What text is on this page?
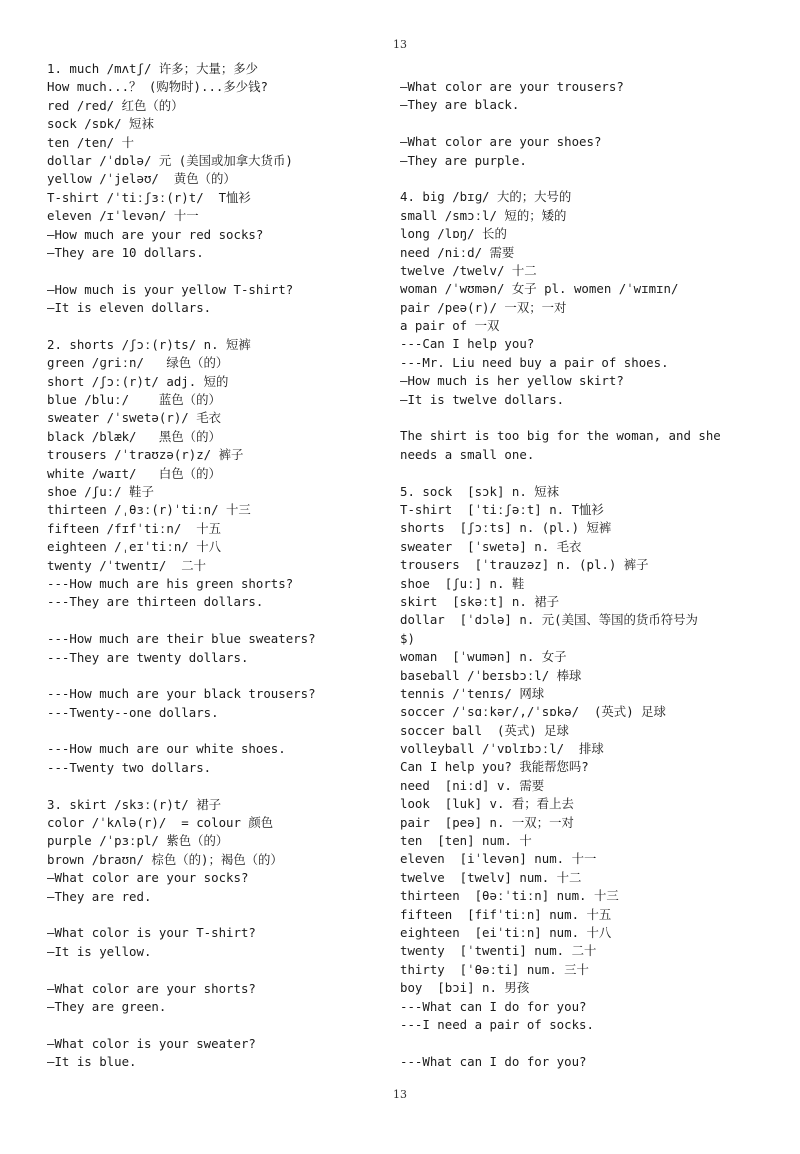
13
1. much /mʌtʃ/ 许多；大量；多少
How much...？ (购物时)...多少钱?
red /red/ 红色（的）
sock /sɒk/ 短袜
ten /ten/ 十
dollar /ˈdɒlə/ 元 (美国或加拿大货币)
yellow /ˈjeləʊ/  黄色（的）
T-shirt /ˈtiːʃɜː(r)t/  T恤衫
eleven /ɪˈlevən/ 十一
—How much are your red socks?
—They are 10 dollars.
—How much is your yellow T-shirt?
—It is eleven dollars.
2. shorts /ʃɔː(r)ts/ n. 短裤
green /ɡriːn/   绿色（的）
short /ʃɔː(r)t/ adj. 短的
blue /bluː/    蓝色（的）
sweater /ˈswetə(r)/ 毛衣
black /blæk/   黑色（的）
trousers /ˈtraʊzə(r)z/ 裤子
white /waɪt/   白色（的）
shoe /ʃuː/ 鞋子
thirteen /ˌθɜː(r)ˈtiːn/ 十三
fifteen /fɪfˈtiːn/  十五
eighteen /ˌeɪˈtiːn/ 十八
twenty /ˈtwentɪ/  二十
---How much are his green shorts?
---They are thirteen dollars.
---How much are their blue sweaters?
---They are twenty dollars.
---How much are your black trousers?
---Twenty--one dollars.
---How much are our white shoes.
---Twenty two dollars.
3. skirt /skɜː(r)t/ 裙子
color /ˈkʌlə(r)/  = colour 颜色
purple /ˈpɜːpl/ 紫色（的）
brown /braʊn/ 棕色（的)；褐色（的）
—What color are your socks?
—They are red.
—What color is your T-shirt?
—It is yellow.
—What color are your shorts?
—They are green.
—What color is your sweater?
—It is blue.
—What color are your trousers?
—They are black.
—What color are your shoes?
—They are purple.
4. big /bɪɡ/ 大的；大号的
small /smɔːl/ 短的；矮的
long /lɒŋ/ 长的
need /niːd/ 需要
twelve /twelv/ 十二
woman /ˈwʊmən/ 女子 pl. women /ˈwɪmɪn/
pair /peə(r)/ 一双；一对
a pair of 一双
---Can I help you?
---Mr. Liu need buy a pair of shoes.
—How much is her yellow skirt?
—It is twelve dollars.
The shirt is too big for the woman, and she
needs a small one.
5. sock  [sɔk] n. 短袜
T-shirt  [ˈtiːʃəːt] n. T恤衫
shorts  [ʃɔːts] n. (pl.) 短裤
sweater  [ˈswetə] n. 毛衣
trousers  [ˈtrauzəz] n. (pl.) 裤子
shoe  [ʃuː] n. 鞋
skirt  [skəːt] n. 裙子
dollar  [ˈdɔlə] n. 元(美国、等国的货币符号为
$)
woman  [ˈwumən] n. 女子
baseball /ˈbeɪsbɔːl/ 棒球
tennis /ˈtenɪs/ 网球
soccer /ˈsɑːkər/,/ˈsɒkə/  (英式) 足球
soccer ball  (英式) 足球
volleyball /ˈvɒlɪbɔːl/  排球
Can I help you? 我能帮您吗?
need  [niːd] v. 需要
look  [luk] v. 看；看上去
pair  [peə] n. 一双；一对
ten  [ten] num. 十
eleven  [iˈlevən] num. 十一
twelve  [twelv] num. 十二
thirteen  [θəːˈtiːn] num. 十三
fifteen  [fifˈtiːn] num. 十五
eighteen  [eiˈtiːn] num. 十八
twenty  [ˈtwenti] num. 二十
thirty  [ˈθəːti] num. 三十
boy  [bɔi] n. 男孩
---What can I do for you?
---I need a pair of socks.
---What can I do for you?
13
